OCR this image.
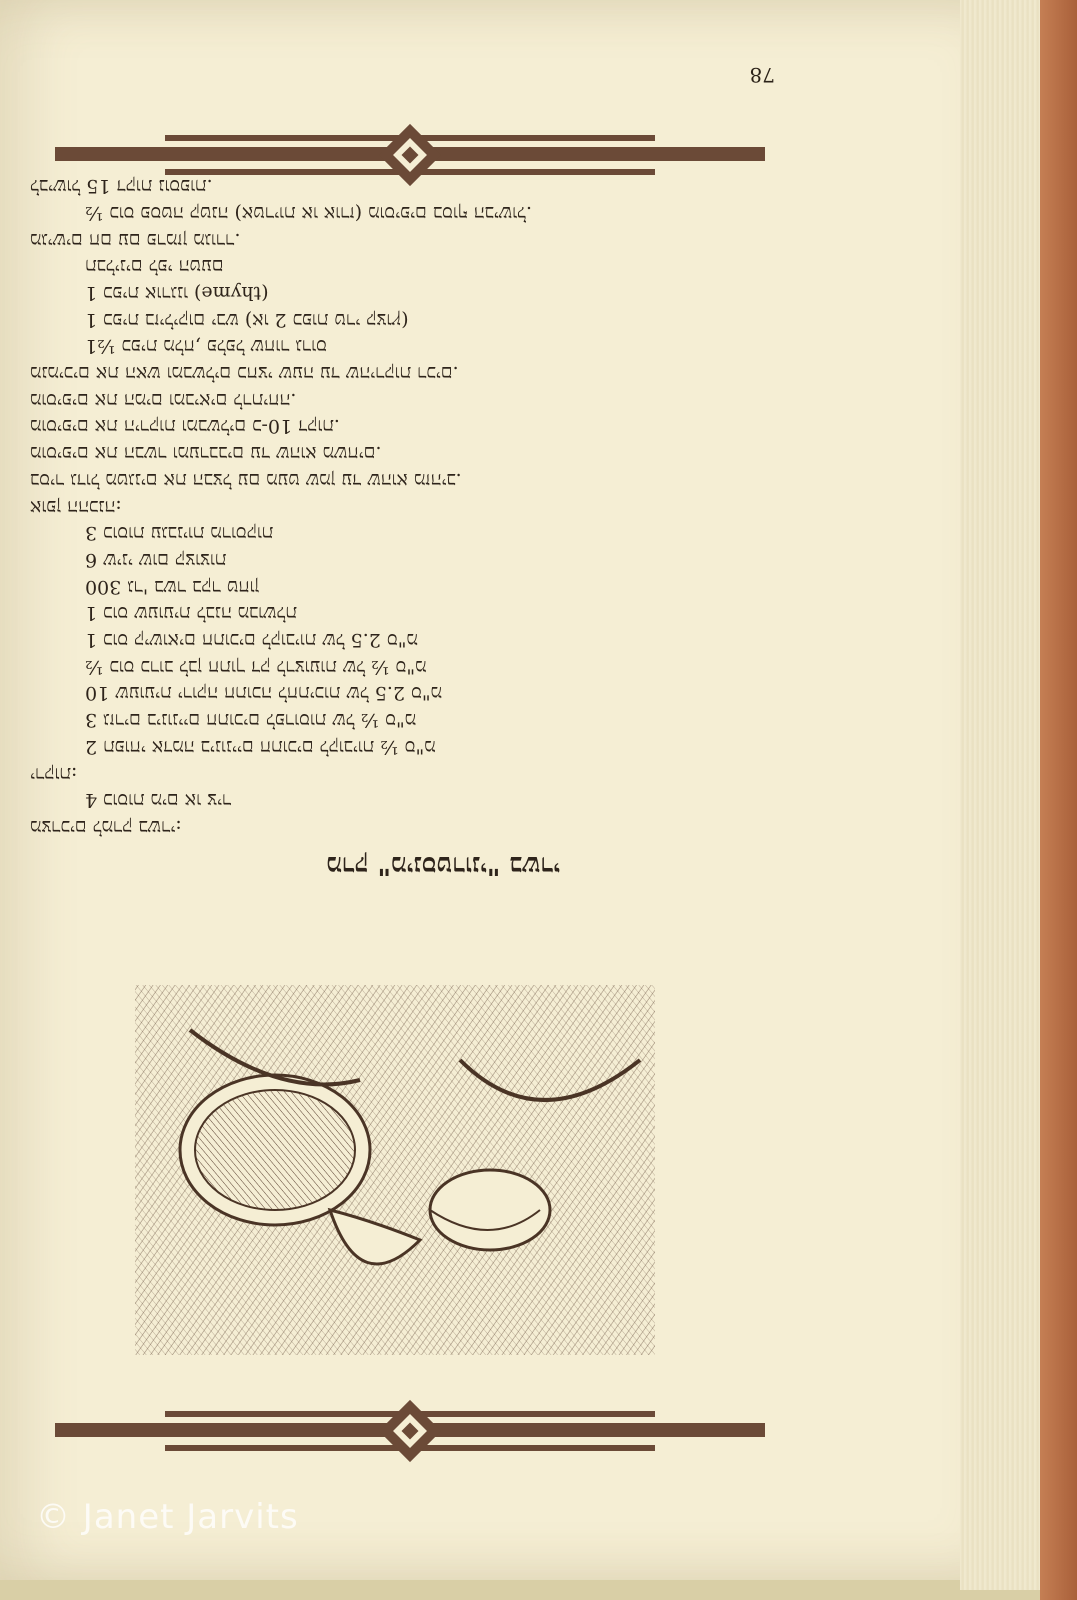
78
מרק "מינסטרוני" בשרי
מצרכים למרק בשרי:
4 כוסות מים או ציר
ירקות:
2 תפוחי אדמה בינוניים חתוכים לקוביות ½ ס"מ
3 גזרים בינוניים חתוכים לפרוסות של ½ ס"מ
10 שעועית ירוקה חתוכה לחתיכות של 2.5 ס"מ
½ כוס כרוב לבן חתוך דק לרצועות של ½ ס"מ
1 כוס קישואים חתוכים לקוביות של 2.5 ס"מ
1 כוס שעועית לבנה מבושלת
300 גר' בשר בקר טחון
6 שיני שום קצוצות
3 כוסות עגבניות מרוסקות
אופן ההכנה:
בסיר גדול מטגנים את הבצל עם מעט שמן עד שהוא מזהיב.
מוסיפים את הבשר ומערבבים עד שהוא משחים.
מוסיפים את הירקות ומבשלים כ-10 דקות.
מוסיפים את המים ומביאים לרתיחה.
מנמיכים את האש ומבשלים כחצי שעה עד שהירקות רכים.
1½ כפית מלח, פלפל שחור גרוס
1 כפית בזיליקום יבש (או 2 כפות טרי קצוץ)
1 כפית אורגנו (thyme)
תבלינים לפי הטעם
מגישים חם עם פרמזן מגורר.
½ כוס פסטה קטנה (אטריות או אורז) מוסיפים בסוף הבישול.
לבישול 15 דקות נוספות.
© Janet Jarvits
